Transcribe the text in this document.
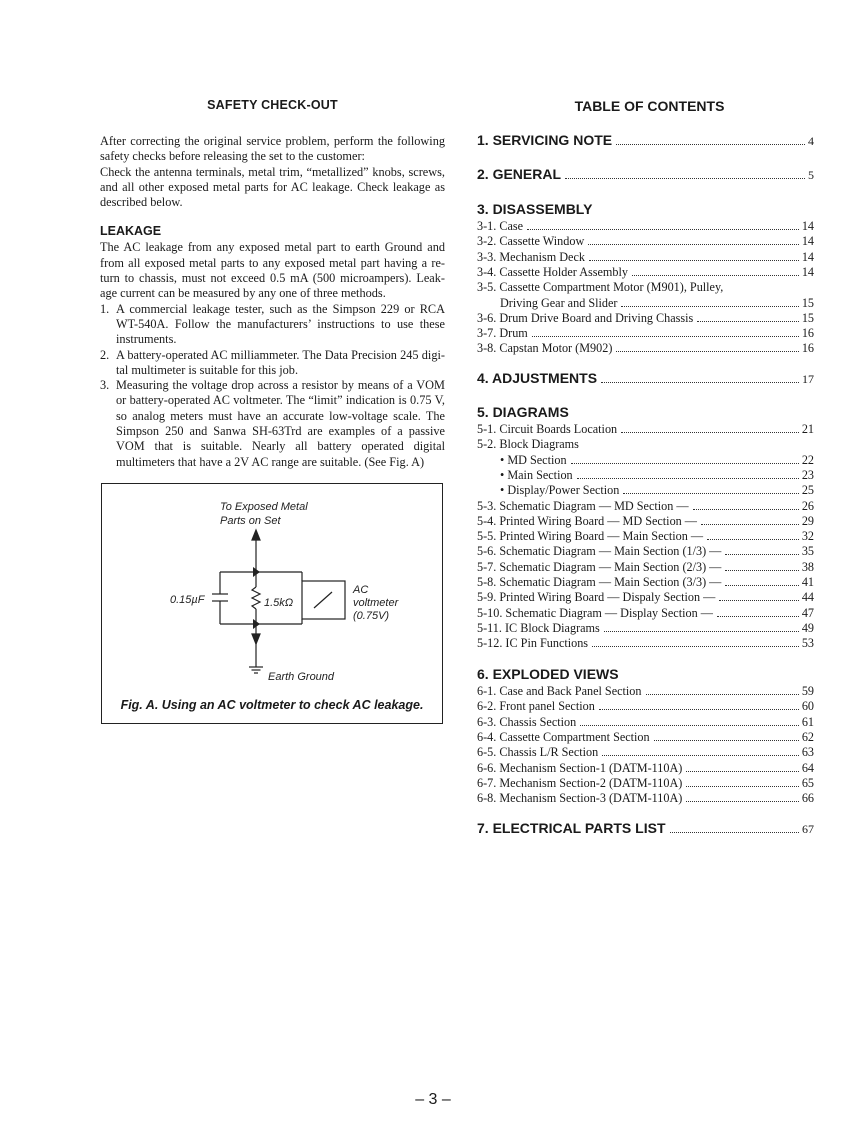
SAFETY CHECK-OUT

After correcting the original service problem, perform the following safety checks before releasing the set to the customer:

Check the antenna terminals, metal trim, “metallized” knobs, screws, and all other exposed metal parts for AC leakage. Check leakage as described below.

LEAKAGE

The AC leakage from any exposed metal part to earth Ground and from all exposed metal parts to any exposed metal part having a re- turn to chassis, must not exceed 0.5 mA (500 microampers). Leak- age current can be measured by any one of three methods.

1. A commercial leakage tester, such as the Simpson 229 or RCA WT-540A. Follow the manufacturers’ instructions to use these instruments.
2. A battery-operated AC milliammeter. The Data Precision 245 digi- tal multimeter is suitable for this job.
3. Measuring the voltage drop across a resistor by means of a VOM or battery-operated AC voltmeter. The “limit” indication is 0.75 V, so analog meters must have an accurate low-voltage scale. The Simpson 250 and Sanwa SH-63Trd are examples of a passive VOM that is suitable. Nearly all battery operated digital multimeters that have a 2V AC range are suitable. (See Fig. A)
To Exposed Metal
Parts on Set
0.15µF	1.5kΩ
AC
voltmeter
(0.75V)
Earth Ground
Fig. A. Using an AC voltmeter to check AC leakage.
TABLE OF CONTENTS
1. SERVICING NOTE	4
2. GENERAL	5
3. DISASSEMBLY
3-1. Case	14
3-2. Cassette Window	14
3-3. Mechanism Deck	14
3-4. Cassette Holder Assembly	14
3-5. Cassette Compartment Motor (M901), Pulley,
Driving Gear and Slider	15
3-6. Drum Drive Board and Driving Chassis	15
3-7. Drum	16
3-8. Capstan Motor (M902)	16
4. ADJUSTMENTS	17
5. DIAGRAMS
5-1. Circuit Boards Location	21
5-2. Block Diagrams
• MD Section	22
• Main Section	23
• Display/Power Section	25
5-3. Schematic Diagram — MD Section —	26
5-4. Printed Wiring Board — MD Section —	29
5-5. Printed Wiring Board — Main Section —	32
5-6. Schematic Diagram — Main Section (1/3) —	35
5-7. Schematic Diagram — Main Section (2/3) —	38
5-8. Schematic Diagram — Main Section (3/3) —	41
5-9. Printed Wiring Board — Dispaly Section —	44
5-10. Schematic Diagram — Display Section —	47
5-11. IC Block Diagrams	49
5-12. IC Pin Functions	53
6. EXPLODED VIEWS
6-1. Case and Back Panel Section	59
6-2. Front panel Section	60
6-3. Chassis Section	61
6-4. Cassette Compartment Section	62
6-5. Chassis L/R Section	63
6-6. Mechanism Section-1 (DATM-110A)	64
6-7. Mechanism Section-2 (DATM-110A)	65
6-8. Mechanism Section-3 (DATM-110A)	66
7. ELECTRICAL PARTS LIST	67
– 3 –
